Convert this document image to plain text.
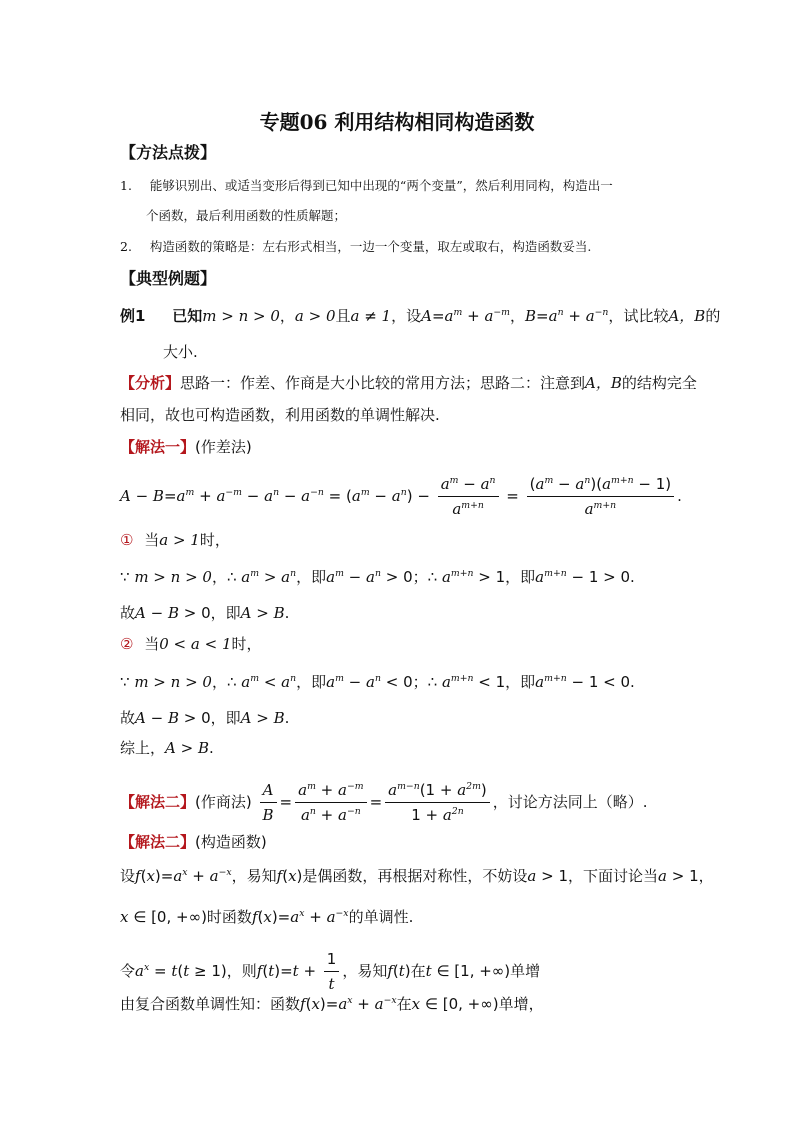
专题06 利用结构相同构造函数
【方法点拨】
1. 能够识别出、或适当变形后得到已知中出现的“两个变量”，然后利用同构，构造出一
个函数，最后利用函数的性质解题；
2. 构造函数的策略是：左右形式相当，一边一个变量，取左或取右，构造函数妥当.
【典型例题】
例1 已知m > n > 0，a > 0且a ≠ 1，设$A=a^m + a^{-m}$，$B=a^n + a^{-n}$，试比较A，B的
大小.
【分析】思路一：作差、作商是大小比较的常用方法；思路二：注意到A，B的结构完全
相同，故也可构造函数，利用函数的单调性解决.
【解法一】(作差法)
$A - B=a^m + a^{-m} - a^n - a^{-n} = (a^m - a^n) - \frac{a^m - a^n}{a^{m+n}} = \frac{(a^m - a^n)(a^{m+n} - 1)}{a^{m+n}}$ .
① 当a > 1时，
∵ m > n > 0，∴ $a^m > a^n$，即$a^m - a^n > 0$；∴ $a^{m+n} > 1$，即$a^{m+n} - 1 > 0$.
故A − B > 0，即A > B.
② 当0 < a < 1时，
∵ m > n > 0，∴ $a^m < a^n$，即$a^m - a^n < 0$；∴ $a^{m+n} < 1$，即$a^{m+n} - 1 < 0$.
故A − B > 0，即A > B.
综上，A > B.
【解法二】(作商法) $\frac{A}{B} = \frac{a^m + a^{-m}}{a^n + a^{-n}} = \frac{a^{m-n}(1 + a^{2m})}{1 + a^{2n}}$ ，讨论方法同上（略）.
【解法二】(构造函数)
设$f(x)=a^x + a^{-x}$，易知f(x)是偶函数，再根据对称性，不妨设a > 1，下面讨论当a > 1，
x ∈ [0, +∞)时函数$f(x)=a^x + a^{-x}$的单调性.
令$a^x = t(t \ge 1)$，则$f(t)=t + \frac{1}{t}$ ，易知f(t)在t ∈ [1, +∞)单增
由复合函数单调性知：函数$f(x)=a^x + a^{-x}$在x ∈ [0, +∞)单增，
